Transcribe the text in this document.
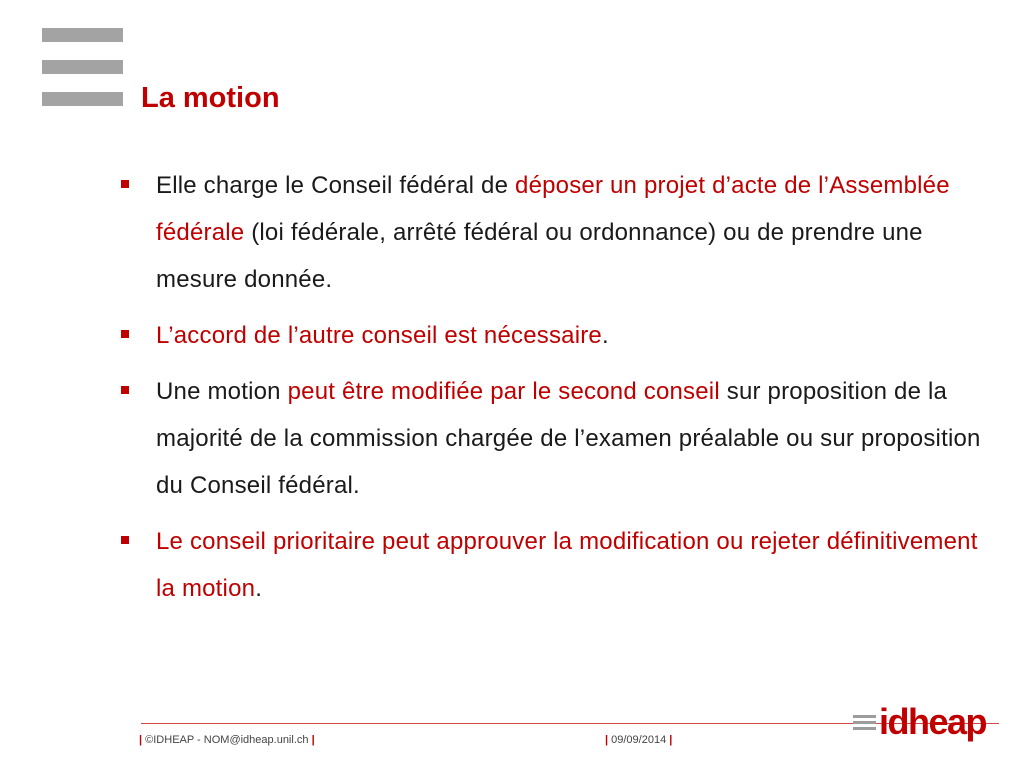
La motion
Elle charge le Conseil fédéral de déposer un projet d’acte de l’Assemblée fédérale (loi fédérale, arrêté fédéral ou ordonnance) ou de prendre une mesure donnée.
L’accord de l’autre conseil est nécessaire.
Une motion peut être modifiée par le second conseil sur proposition de la majorité de la commission chargée de l’examen préalable ou sur proposition du Conseil fédéral.
Le conseil prioritaire peut approuver la modification ou rejeter définitivement la motion.
| ©IDHEAP - NOM@idheap.unil.ch |	| 09/09/2014 |	idheap
